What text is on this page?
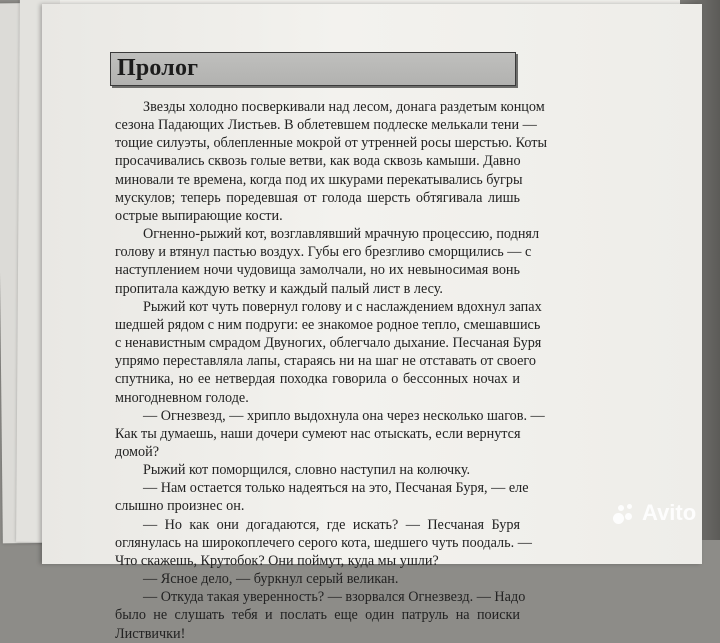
Пролог
Звезды холодно посверкивали над лесом, донага раздетым концом
сезона Падающих Листьев. В облетевшем подлеске мелькали тени —
тощие силуэты, облепленные мокрой от утренней росы шерстью. Коты
просачивались сквозь голые ветви, как вода сквозь камыши. Давно
миновали те времена, когда под их шкурами перекатывались бугры
мускулов; теперь поредевшая от голода шерсть обтягивала лишь
острые выпирающие кости.
Огненно-рыжий кот, возглавлявший мрачную процессию, поднял
голову и втянул пастью воздух. Губы его брезгливо сморщились — с
наступлением ночи чудовища замолчали, но их невыносимая вонь
пропитала каждую ветку и каждый палый лист в лесу.
Рыжий кот чуть повернул голову и с наслаждением вдохнул запах
шедшей рядом с ним подруги: ее знакомое родное тепло, смешавшись
с ненавистным смрадом Двуногих, облегчало дыхание. Песчаная Буря
упрямо переставляла лапы, стараясь ни на шаг не отставать от своего
спутника, но ее нетвердая походка говорила о бессонных ночах и
многодневном голоде.
— Огнезвезд, — хрипло выдохнула она через несколько шагов. —
Как ты думаешь, наши дочери сумеют нас отыскать, если вернутся
домой?
Рыжий кот поморщился, словно наступил на колючку.
— Нам остается только надеяться на это, Песчаная Буря, — еле
слышно произнес он.
— Но как они догадаются, где искать? — Песчаная Буря
оглянулась на широкоплечего серого кота, шедшего чуть поодаль. —
Что скажешь, Крутобок? Они поймут, куда мы ушли?
— Ясное дело, — буркнул серый великан.
— Откуда такая уверенность? — взорвался Огнезвезд. — Надо
было не слушать тебя и послать еще один патруль на поиски
Листвички!
Avito
